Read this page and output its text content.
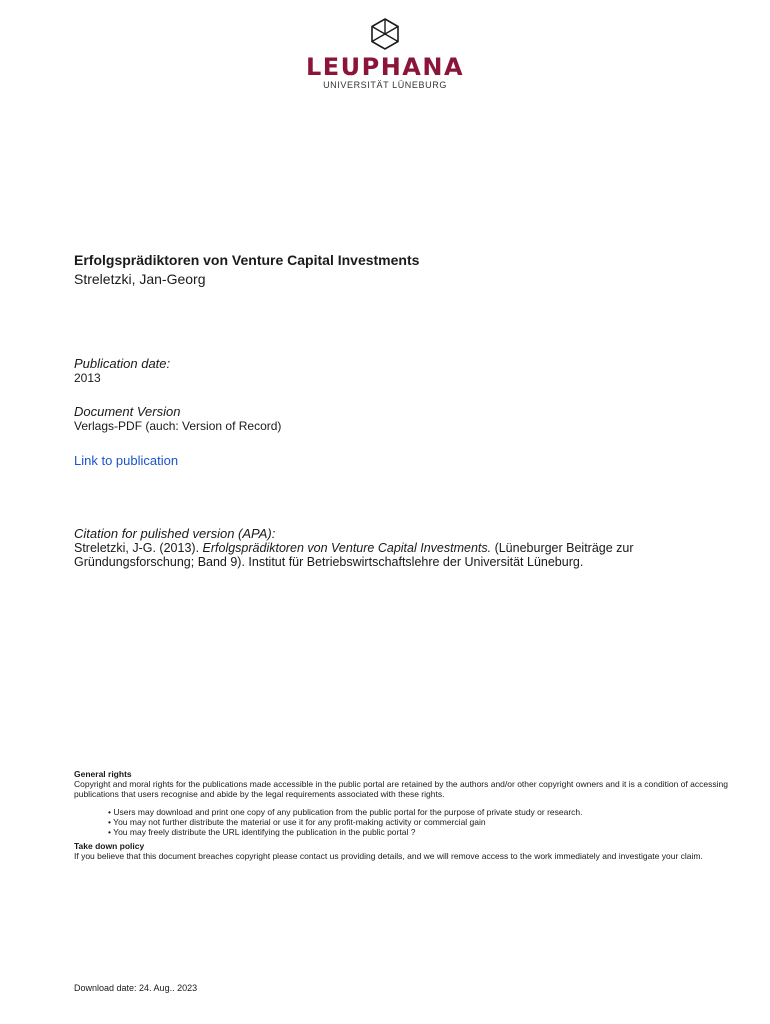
LEUPHANA
UNIVERSITÄT LÜNEBURG
Erfolgsprädiktoren von Venture Capital Investments
Streletzki, Jan-Georg
Publication date:
2013
Document Version
Verlags-PDF (auch: Version of Record)
Link to publication
Citation for pulished version (APA):
Streletzki, J-G. (2013). Erfolgsprädiktoren von Venture Capital Investments. (Lüneburger Beiträge zur Gründungsforschung; Band 9). Institut für Betriebswirtschaftslehre der Universität Lüneburg.
General rights
Copyright and moral rights for the publications made accessible in the public portal are retained by the authors and/or other copyright owners and it is a condition of accessing publications that users recognise and abide by the legal requirements associated with these rights.
• Users may download and print one copy of any publication from the public portal for the purpose of private study or research.
• You may not further distribute the material or use it for any profit-making activity or commercial gain
• You may freely distribute the URL identifying the publication in the public portal ?
Take down policy
If you believe that this document breaches copyright please contact us providing details, and we will remove access to the work immediately and investigate your claim.
Download date: 24. Aug.. 2023
